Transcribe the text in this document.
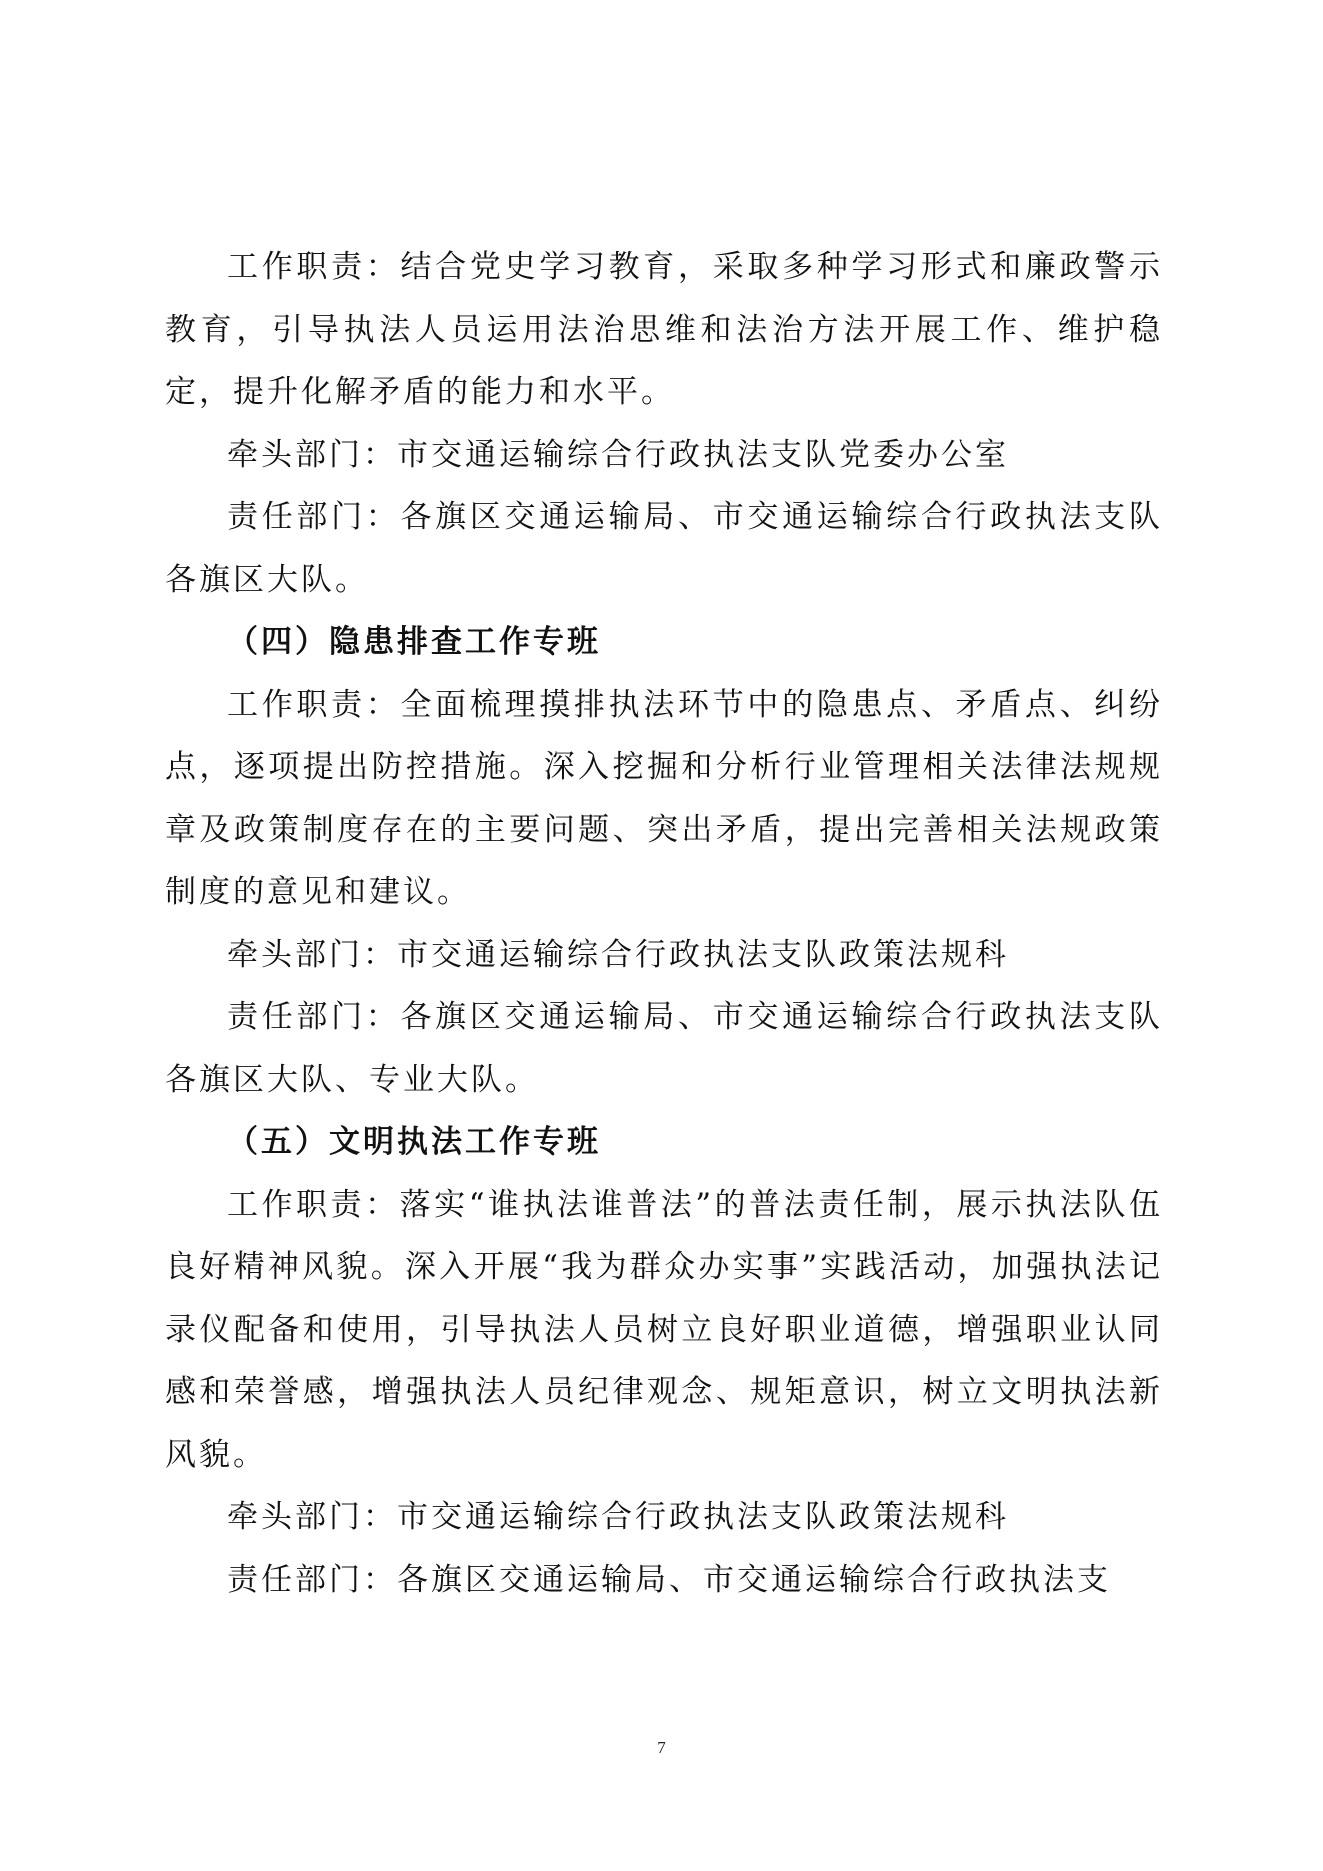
工作职责：结合党史学习教育，采取多种学习形式和廉政警示教育，引导执法人员运用法治思维和法治方法开展工作、维护稳定，提升化解矛盾的能力和水平。

牵头部门：市交通运输综合行政执法支队党委办公室

责任部门：各旗区交通运输局、市交通运输综合行政执法支队各旗区大队。

（四）隐患排查工作专班

工作职责：全面梳理摸排执法环节中的隐患点、矛盾点、纠纷点，逐项提出防控措施。深入挖掘和分析行业管理相关法律法规规章及政策制度存在的主要问题、突出矛盾，提出完善相关法规政策制度的意见和建议。

牵头部门：市交通运输综合行政执法支队政策法规科

责任部门：各旗区交通运输局、市交通运输综合行政执法支队各旗区大队、专业大队。

（五）文明执法工作专班

工作职责：落实“谁执法谁普法”的普法责任制，展示执法队伍良好精神风貌。深入开展“我为群众办实事”实践活动，加强执法记录仪配备和使用，引导执法人员树立良好职业道德，增强职业认同感和荣誉感，增强执法人员纪律观念、规矩意识，树立文明执法新风貌。

牵头部门：市交通运输综合行政执法支队政策法规科

责任部门：各旗区交通运输局、市交通运输综合行政执法支

7
